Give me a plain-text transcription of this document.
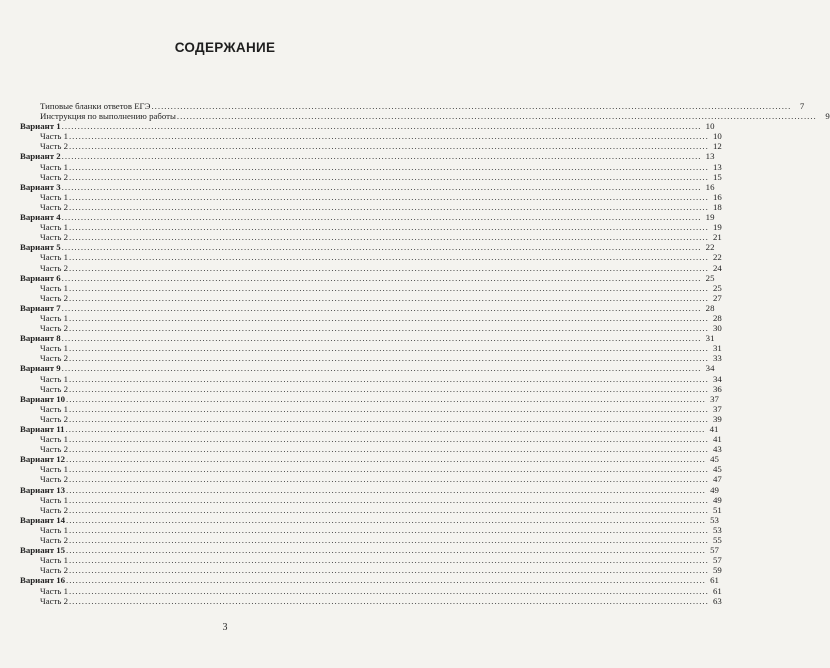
СОДЕРЖАНИЕ
Типовые бланки ответов ЕГЭ ........................................................................................................................................................................................................ 7
Инструкция по выполнению работы ........................................................................................................................................................................................................ 9
Вариант 1 ........................................................................................................................................................................................................ 10
Часть 1 ........................................................................................................................................................................................................ 10
Часть 2 ........................................................................................................................................................................................................ 12
Вариант 2 ........................................................................................................................................................................................................ 13
Часть 1 ........................................................................................................................................................................................................ 13
Часть 2 ........................................................................................................................................................................................................ 15
Вариант 3 ........................................................................................................................................................................................................ 16
Часть 1 ........................................................................................................................................................................................................ 16
Часть 2 ........................................................................................................................................................................................................ 18
Вариант 4 ........................................................................................................................................................................................................ 19
Часть 1 ........................................................................................................................................................................................................ 19
Часть 2 ........................................................................................................................................................................................................ 21
Вариант 5 ........................................................................................................................................................................................................ 22
Часть 1 ........................................................................................................................................................................................................ 22
Часть 2 ........................................................................................................................................................................................................ 24
Вариант 6 ........................................................................................................................................................................................................ 25
Часть 1 ........................................................................................................................................................................................................ 25
Часть 2 ........................................................................................................................................................................................................ 27
Вариант 7 ........................................................................................................................................................................................................ 28
Часть 1 ........................................................................................................................................................................................................ 28
Часть 2 ........................................................................................................................................................................................................ 30
Вариант 8 ........................................................................................................................................................................................................ 31
Часть 1 ........................................................................................................................................................................................................ 31
Часть 2 ........................................................................................................................................................................................................ 33
Вариант 9 ........................................................................................................................................................................................................ 34
Часть 1 ........................................................................................................................................................................................................ 34
Часть 2 ........................................................................................................................................................................................................ 36
Вариант 10 ........................................................................................................................................................................................................ 37
Часть 1 ........................................................................................................................................................................................................ 37
Часть 2 ........................................................................................................................................................................................................ 39
Вариант 11 ........................................................................................................................................................................................................ 41
Часть 1 ........................................................................................................................................................................................................ 41
Часть 2 ........................................................................................................................................................................................................ 43
Вариант 12 ........................................................................................................................................................................................................ 45
Часть 1 ........................................................................................................................................................................................................ 45
Часть 2 ........................................................................................................................................................................................................ 47
Вариант 13 ........................................................................................................................................................................................................ 49
Часть 1 ........................................................................................................................................................................................................ 49
Часть 2 ........................................................................................................................................................................................................ 51
Вариант 14 ........................................................................................................................................................................................................ 53
Часть 1 ........................................................................................................................................................................................................ 53
Часть 2 ........................................................................................................................................................................................................ 55
Вариант 15 ........................................................................................................................................................................................................ 57
Часть 1 ........................................................................................................................................................................................................ 57
Часть 2 ........................................................................................................................................................................................................ 59
Вариант 16 ........................................................................................................................................................................................................ 61
Часть 1 ........................................................................................................................................................................................................ 61
Часть 2 ........................................................................................................................................................................................................ 63
3
